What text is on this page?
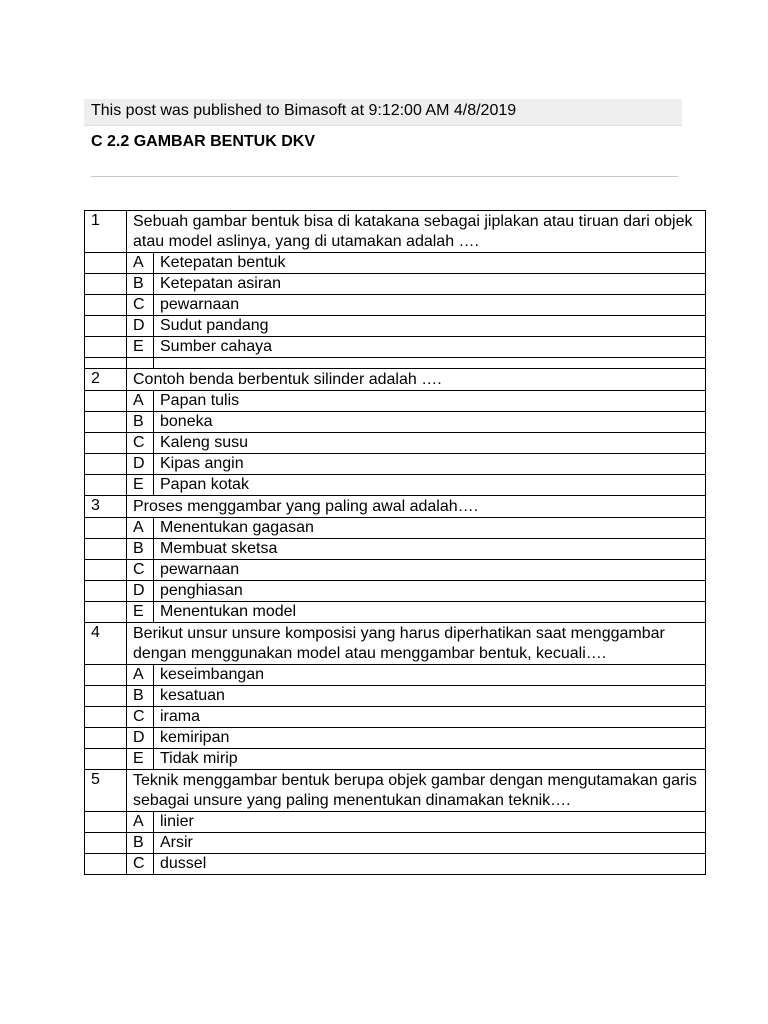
This post was published to Bimasoft at 9:12:00 AM 4/8/2019
C 2.2 GAMBAR BENTUK DKV
1	Sebuah gambar bentuk bisa di katakana sebagai jiplakan atau tiruan dari objek atau model aslinya, yang di utamakan adalah ….	
	A	Ketepatan bentuk
	B	Ketepatan asiran
	C	pewarnaan
	D	Sudut pandang
	E	Sumber cahaya

2	Contoh benda berbentuk silinder adalah ….	
	A	Papan tulis
	B	boneka
	C	Kaleng susu
	D	Kipas angin
	E	Papan kotak
3	Proses menggambar yang paling awal adalah….	
	A	Menentukan gagasan
	B	Membuat sketsa
	C	pewarnaan
	D	penghiasan
	E	Menentukan model
4	Berikut unsur unsure komposisi yang harus diperhatikan saat menggambar dengan menggunakan model atau menggambar bentuk, kecuali….	
	A	keseimbangan
	B	kesatuan
	C	irama
	D	kemiripan
	E	Tidak mirip
5	Teknik menggambar bentuk berupa objek gambar dengan mengutamakan garis sebagai unsure yang paling menentukan dinamakan teknik….	
	A	linier
	B	Arsir
	C	dussel
